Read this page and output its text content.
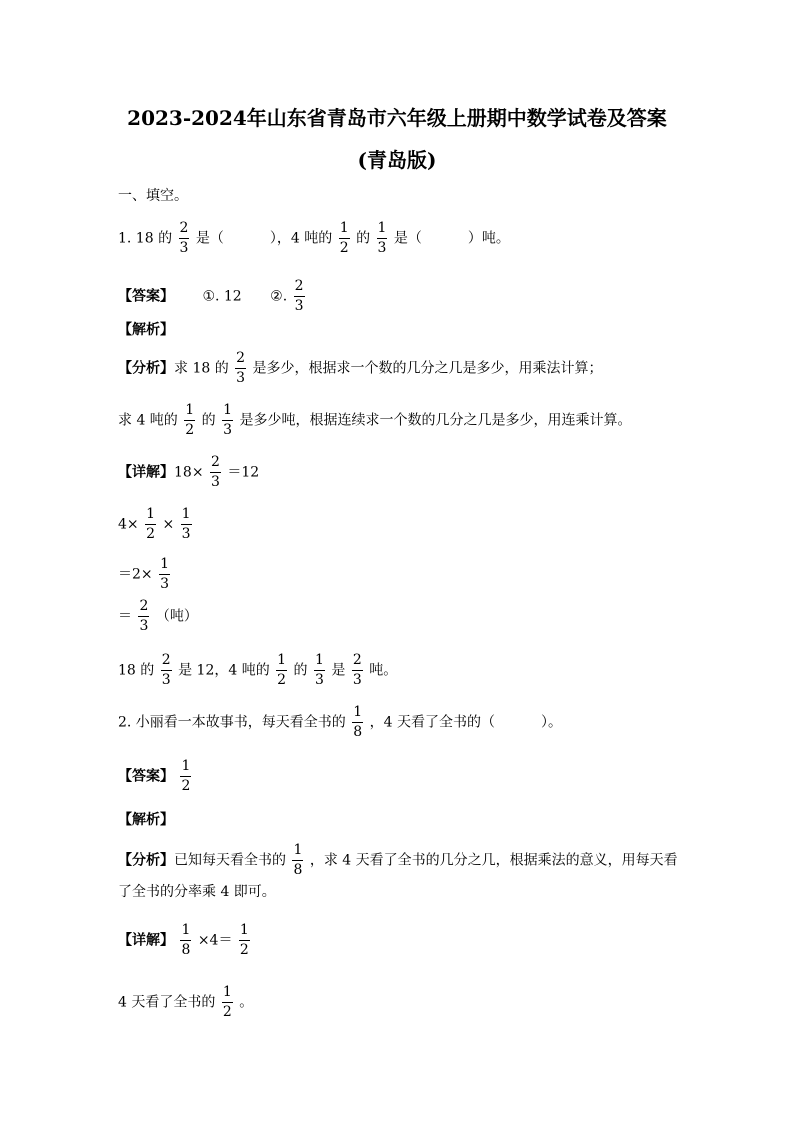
2023-2024年山东省青岛市六年级上册期中数学试卷及答案
(青岛版)
一、填空。
1. 18 的 $\frac{2}{3}$ 是（	），4 吨的 $\frac{1}{2}$ 的 $\frac{1}{3}$ 是（	）吨。
【答案】 ①. 12 ②. $\frac{2}{3}$
【解析】
【分析】求 18 的 $\frac{2}{3}$ 是多少，根据求一个数的几分之几是多少，用乘法计算；
求 4 吨的 $\frac{1}{2}$ 的 $\frac{1}{3}$ 是多少吨，根据连续求一个数的几分之几是多少，用连乘计算。
【详解】$18\times \frac{2}{3} =12$
$4\times \frac{1}{2} \times \frac{1}{3}$
$=2\times \frac{1}{3}$
＝ $\frac{2}{3}$ （吨）
18 的 $\frac{2}{3}$ 是 12，4 吨的 $\frac{1}{2}$ 的 $\frac{1}{3}$ 是 $\frac{2}{3}$ 吨。
2. 小丽看一本故事书，每天看全书的 $\frac{1}{8}$ ，4 天看了全书的（	）。
【答案】 $\frac{1}{2}$
【解析】
【分析】已知每天看全书的 $\frac{1}{8}$ ，求 4 天看了全书的几分之几，根据乘法的意义，用每天看
了全书的分率乘 4 即可。
【详解】 $\frac{1}{8} \times 4= \frac{1}{2}$
4 天看了全书的 $\frac{1}{2}$ 。
